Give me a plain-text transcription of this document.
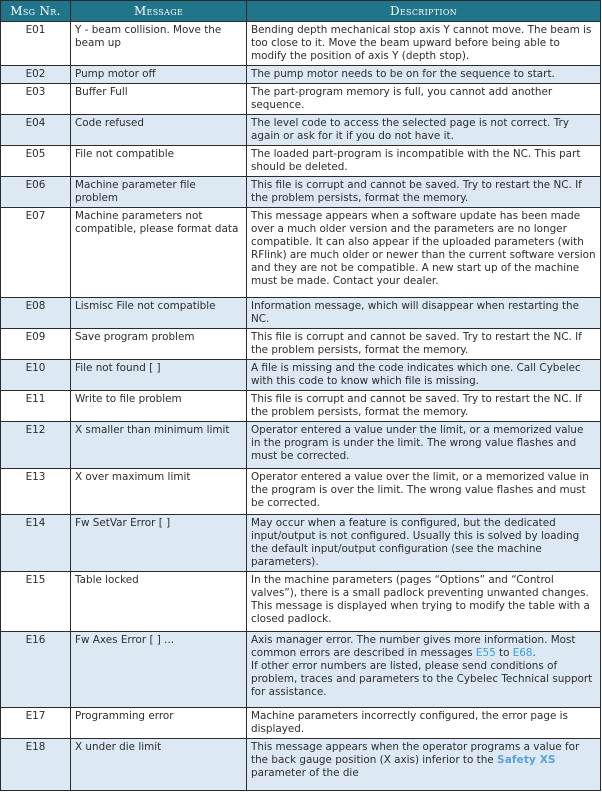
Msg Nr.	Message	Description
E01	Y - beam collision. Move the beam up	Bending depth mechanical stop axis Y cannot move. The beam is too close to it. Move the beam upward before being able to modify the position of axis Y (depth stop).
E02	Pump motor off	The pump motor needs to be on for the sequence to start.
E03	Buffer Full	The part-program memory is full, you cannot add another sequence.
E04	Code refused	The level code to access the selected page is not correct. Try again or ask for it if you do not have it.
E05	File not compatible	The loaded part-program is incompatible with the NC. This part should be deleted.
E06	Machine parameter file problem	This file is corrupt and cannot be saved. Try to restart the NC. If the problem persists, format the memory.
E07	Machine parameters not compatible, please format data	This message appears when a software update has been made over a much older version and the parameters are no longer compatible. It can also appear if the uploaded parameters (with RFlink) are much older or newer than the current software version and they are not be compatible. A new start up of the machine must be made. Contact your dealer.
E08	Lismisc File not compatible	Information message, which will disappear when restarting the NC.
E09	Save program problem	This file is corrupt and cannot be saved. Try to restart the NC. If the problem persists, format the memory.
E10	File not found [ ]	A file is missing and the code indicates which one. Call Cybelec with this code to know which file is missing.
E11	Write to file problem	This file is corrupt and cannot be saved. Try to restart the NC. If the problem persists, format the memory.
E12	X smaller than minimum limit	Operator entered a value under the limit, or a memorized value in the program is under the limit. The wrong value flashes and must be corrected.
E13	X over maximum limit	Operator entered a value over the limit, or a memorized value in the program is over the limit. The wrong value flashes and must be corrected.
E14	Fw SetVar Error [ ]	May occur when a feature is configured, but the dedicated input/output is not configured. Usually this is solved by loading the default input/output configuration (see the machine parameters).
E15	Table locked	In the machine parameters (pages “Options” and “Control valves”), there is a small padlock preventing unwanted changes. This message is displayed when trying to modify the table with a closed padlock.
E16	Fw Axes Error [ ] ...	Axis manager error. The number gives more information. Most common errors are described in messages E55 to E68.
If other error numbers are listed, please send conditions of problem, traces and parameters to the Cybelec Technical support for assistance.
E17	Programming error	Machine parameters incorrectly configured, the error page is displayed.
E18	X under die limit	This message appears when the operator programs a value for the back gauge position (X axis) inferior to the Safety XS parameter of the die
